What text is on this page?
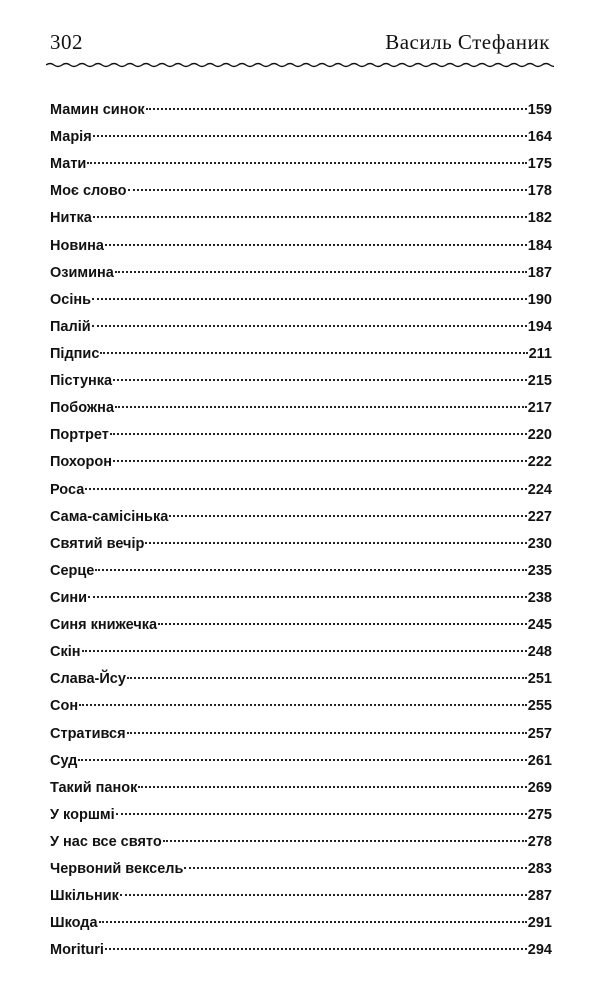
302	Василь Стефаник
Мамин синок	159
Марія	164
Мати	175
Моє слово	178
Нитка	182
Новина	184
Озимина	187
Осінь	190
Палій	194
Підпис	211
Пістунка	215
Побожна	217
Портрет	220
Похорон	222
Роса	224
Сама-самісінька	227
Святий вечір	230
Серце	235
Сини	238
Синя книжечка	245
Скін	248
Слава-Йсу	251
Сон	255
Стратився	257
Суд	261
Такий панок	269
У коршмі	275
У нас все свято	278
Червоний вексель	283
Шкільник	287
Шкода	291
Moriturі	294
